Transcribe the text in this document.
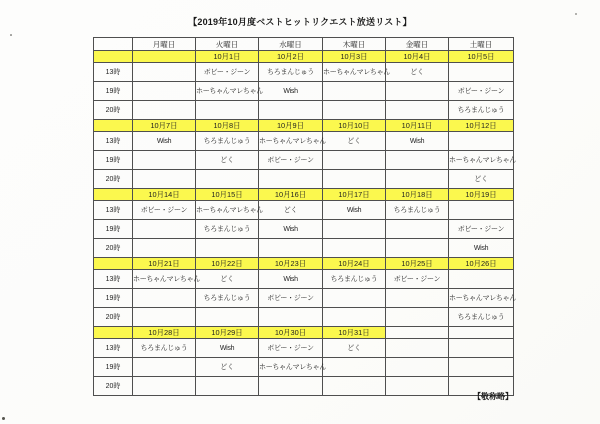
【2019年10月度ベストヒットリクエスト放送リスト】
	月曜日	火曜日	水曜日	木曜日	金曜日	土曜日
		10月1日	10月2日	10月3日	10月4日	10月5日
13時		ボビー・ジーン	ちろまんじゅう	ホーちゃんマレちゃん	どく	
19時		ホーちゃんマレちゃん	Wish			ボビー・ジーン
20時						ちろまんじゅう
	10月7日	10月8日	10月9日	10月10日	10月11日	10月12日
13時	Wish	ちろまんじゅう	ホーちゃんマレちゃん	どく	Wish	
19時		どく	ボビー・ジーン			ホーちゃんマレちゃん
20時						どく
	10月14日	10月15日	10月16日	10月17日	10月18日	10月19日
13時	ボビー・ジーン	ホーちゃんマレちゃん	どく	Wish	ちろまんじゅう	
19時		ちろまんじゅう	Wish			ボビー・ジーン
20時						Wish
	10月21日	10月22日	10月23日	10月24日	10月25日	10月26日
13時	ホーちゃんマレちゃん	どく	Wish	ちろまんじゅう	ボビー・ジーン	
19時		ちろまんじゅう	ボビー・ジーン			ホーちゃんマレちゃん
20時						ちろまんじゅう
	10月28日	10月29日	10月30日	10月31日		
13時	ちろまんじゅう	Wish	ボビー・ジーン	どく		
19時		どく	ホーちゃんマレちゃん			
20時						
【敬称略】
